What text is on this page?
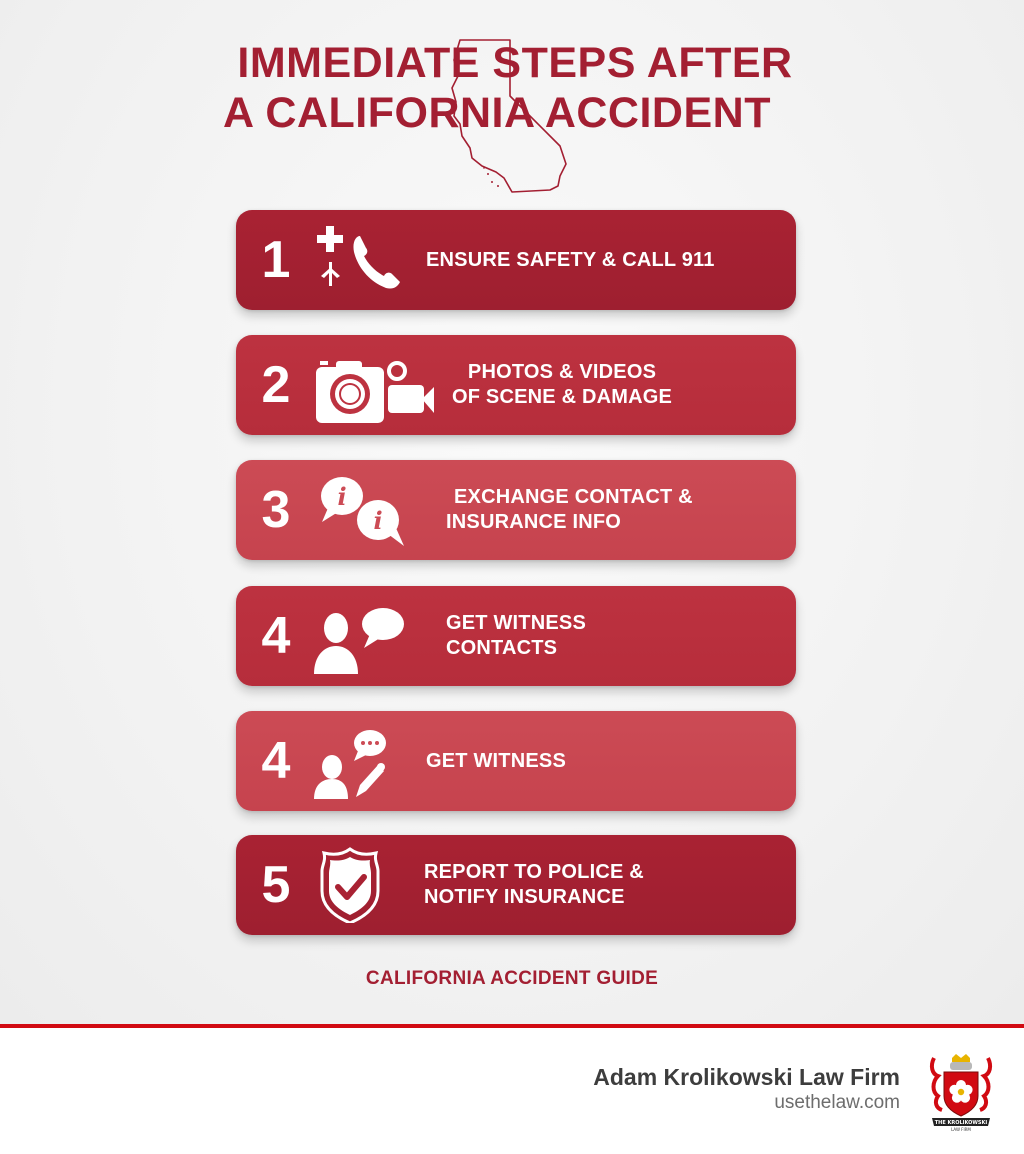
IMMEDIATE STEPS AFTER
A CALIFORNIA ACCIDENT
1	ENSURE SAFETY & CALL 911
2	PHOTOS & VIDEOS
OF SCENE & DAMAGE
3	i
i
EXCHANGE CONTACT &
INSURANCE INFO
4	GET WITNESS
CONTACTS
4	GET WITNESS
5	REPORT TO POLICE &
NOTIFY INSURANCE
CALIFORNIA ACCIDENT GUIDE
Adam Krolikowski Law Firm
usethelaw.com
THE KROLIKOWSKI
LAW FIRM
